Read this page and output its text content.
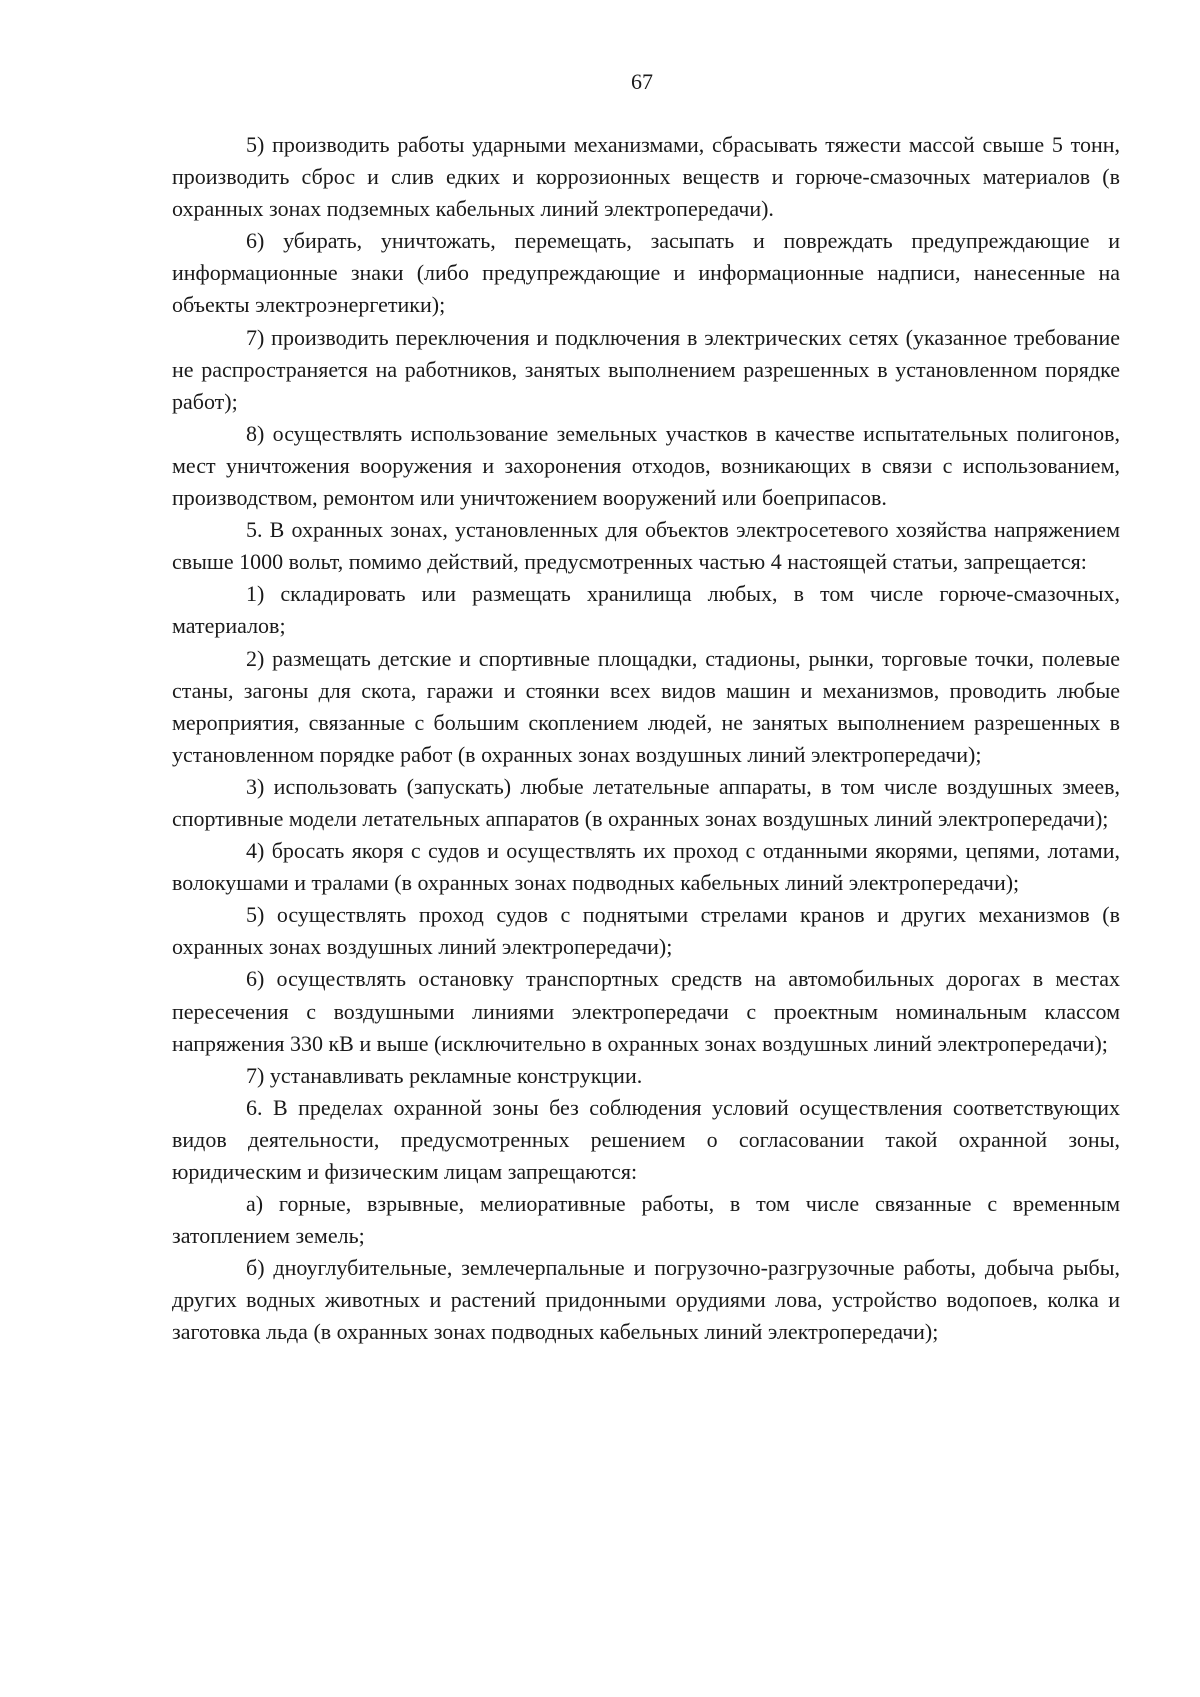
67

5) производить работы ударными механизмами, сбрасывать тяжести массой свыше 5 тонн, производить сброс и слив едких и коррозионных веществ и горюче-смазочных материалов (в охранных зонах подземных кабельных линий электропередачи).

6) убирать, уничтожать, перемещать, засыпать и повреждать предупреждающие и информационные знаки (либо предупреждающие и информационные надписи, нанесенные на объекты электроэнергетики);

7) производить переключения и подключения в электрических сетях (указанное требование не распространяется на работников, занятых выполнением разрешенных в установленном порядке работ);

8) осуществлять использование земельных участков в качестве испытательных полигонов, мест уничтожения вооружения и захоронения отходов, возникающих в связи с использованием, производством, ремонтом или уничтожением вооружений или боеприпасов.

5. В охранных зонах, установленных для объектов электросетевого хозяйства напряжением свыше 1000 вольт, помимо действий, предусмотренных частью 4 настоящей статьи, запрещается:

1) складировать или размещать хранилища любых, в том числе горюче-смазочных, материалов;

2) размещать детские и спортивные площадки, стадионы, рынки, торговые точки, полевые станы, загоны для скота, гаражи и стоянки всех видов машин и механизмов, проводить любые мероприятия, связанные с большим скоплением людей, не занятых выполнением разрешенных в установленном порядке работ (в охранных зонах воздушных линий электропередачи);

3) использовать (запускать) любые летательные аппараты, в том числе воздушных змеев, спортивные модели летательных аппаратов (в охранных зонах воздушных линий электропередачи);

4) бросать якоря с судов и осуществлять их проход с отданными якорями, цепями, лотами, волокушами и тралами (в охранных зонах подводных кабельных линий электропередачи);

5) осуществлять проход судов с поднятыми стрелами кранов и других механизмов (в охранных зонах воздушных линий электропередачи);

6) осуществлять остановку транспортных средств на автомобильных дорогах в местах пересечения с воздушными линиями электропередачи с проектным номинальным классом напряжения 330 кВ и выше (исключительно в охранных зонах воздушных линий электропередачи);

7) устанавливать рекламные конструкции.

6. В пределах охранной зоны без соблюдения условий осуществления соответствующих видов деятельности, предусмотренных решением о согласовании такой охранной зоны, юридическим и физическим лицам запрещаются:

а) горные, взрывные, мелиоративные работы, в том числе связанные с временным затоплением земель;

б) дноуглубительные, землечерпальные и погрузочно-разгрузочные работы, добыча рыбы, других водных животных и растений придонными орудиями лова, устройство водопоев, колка и заготовка льда (в охранных зонах подводных кабельных линий электропередачи);
